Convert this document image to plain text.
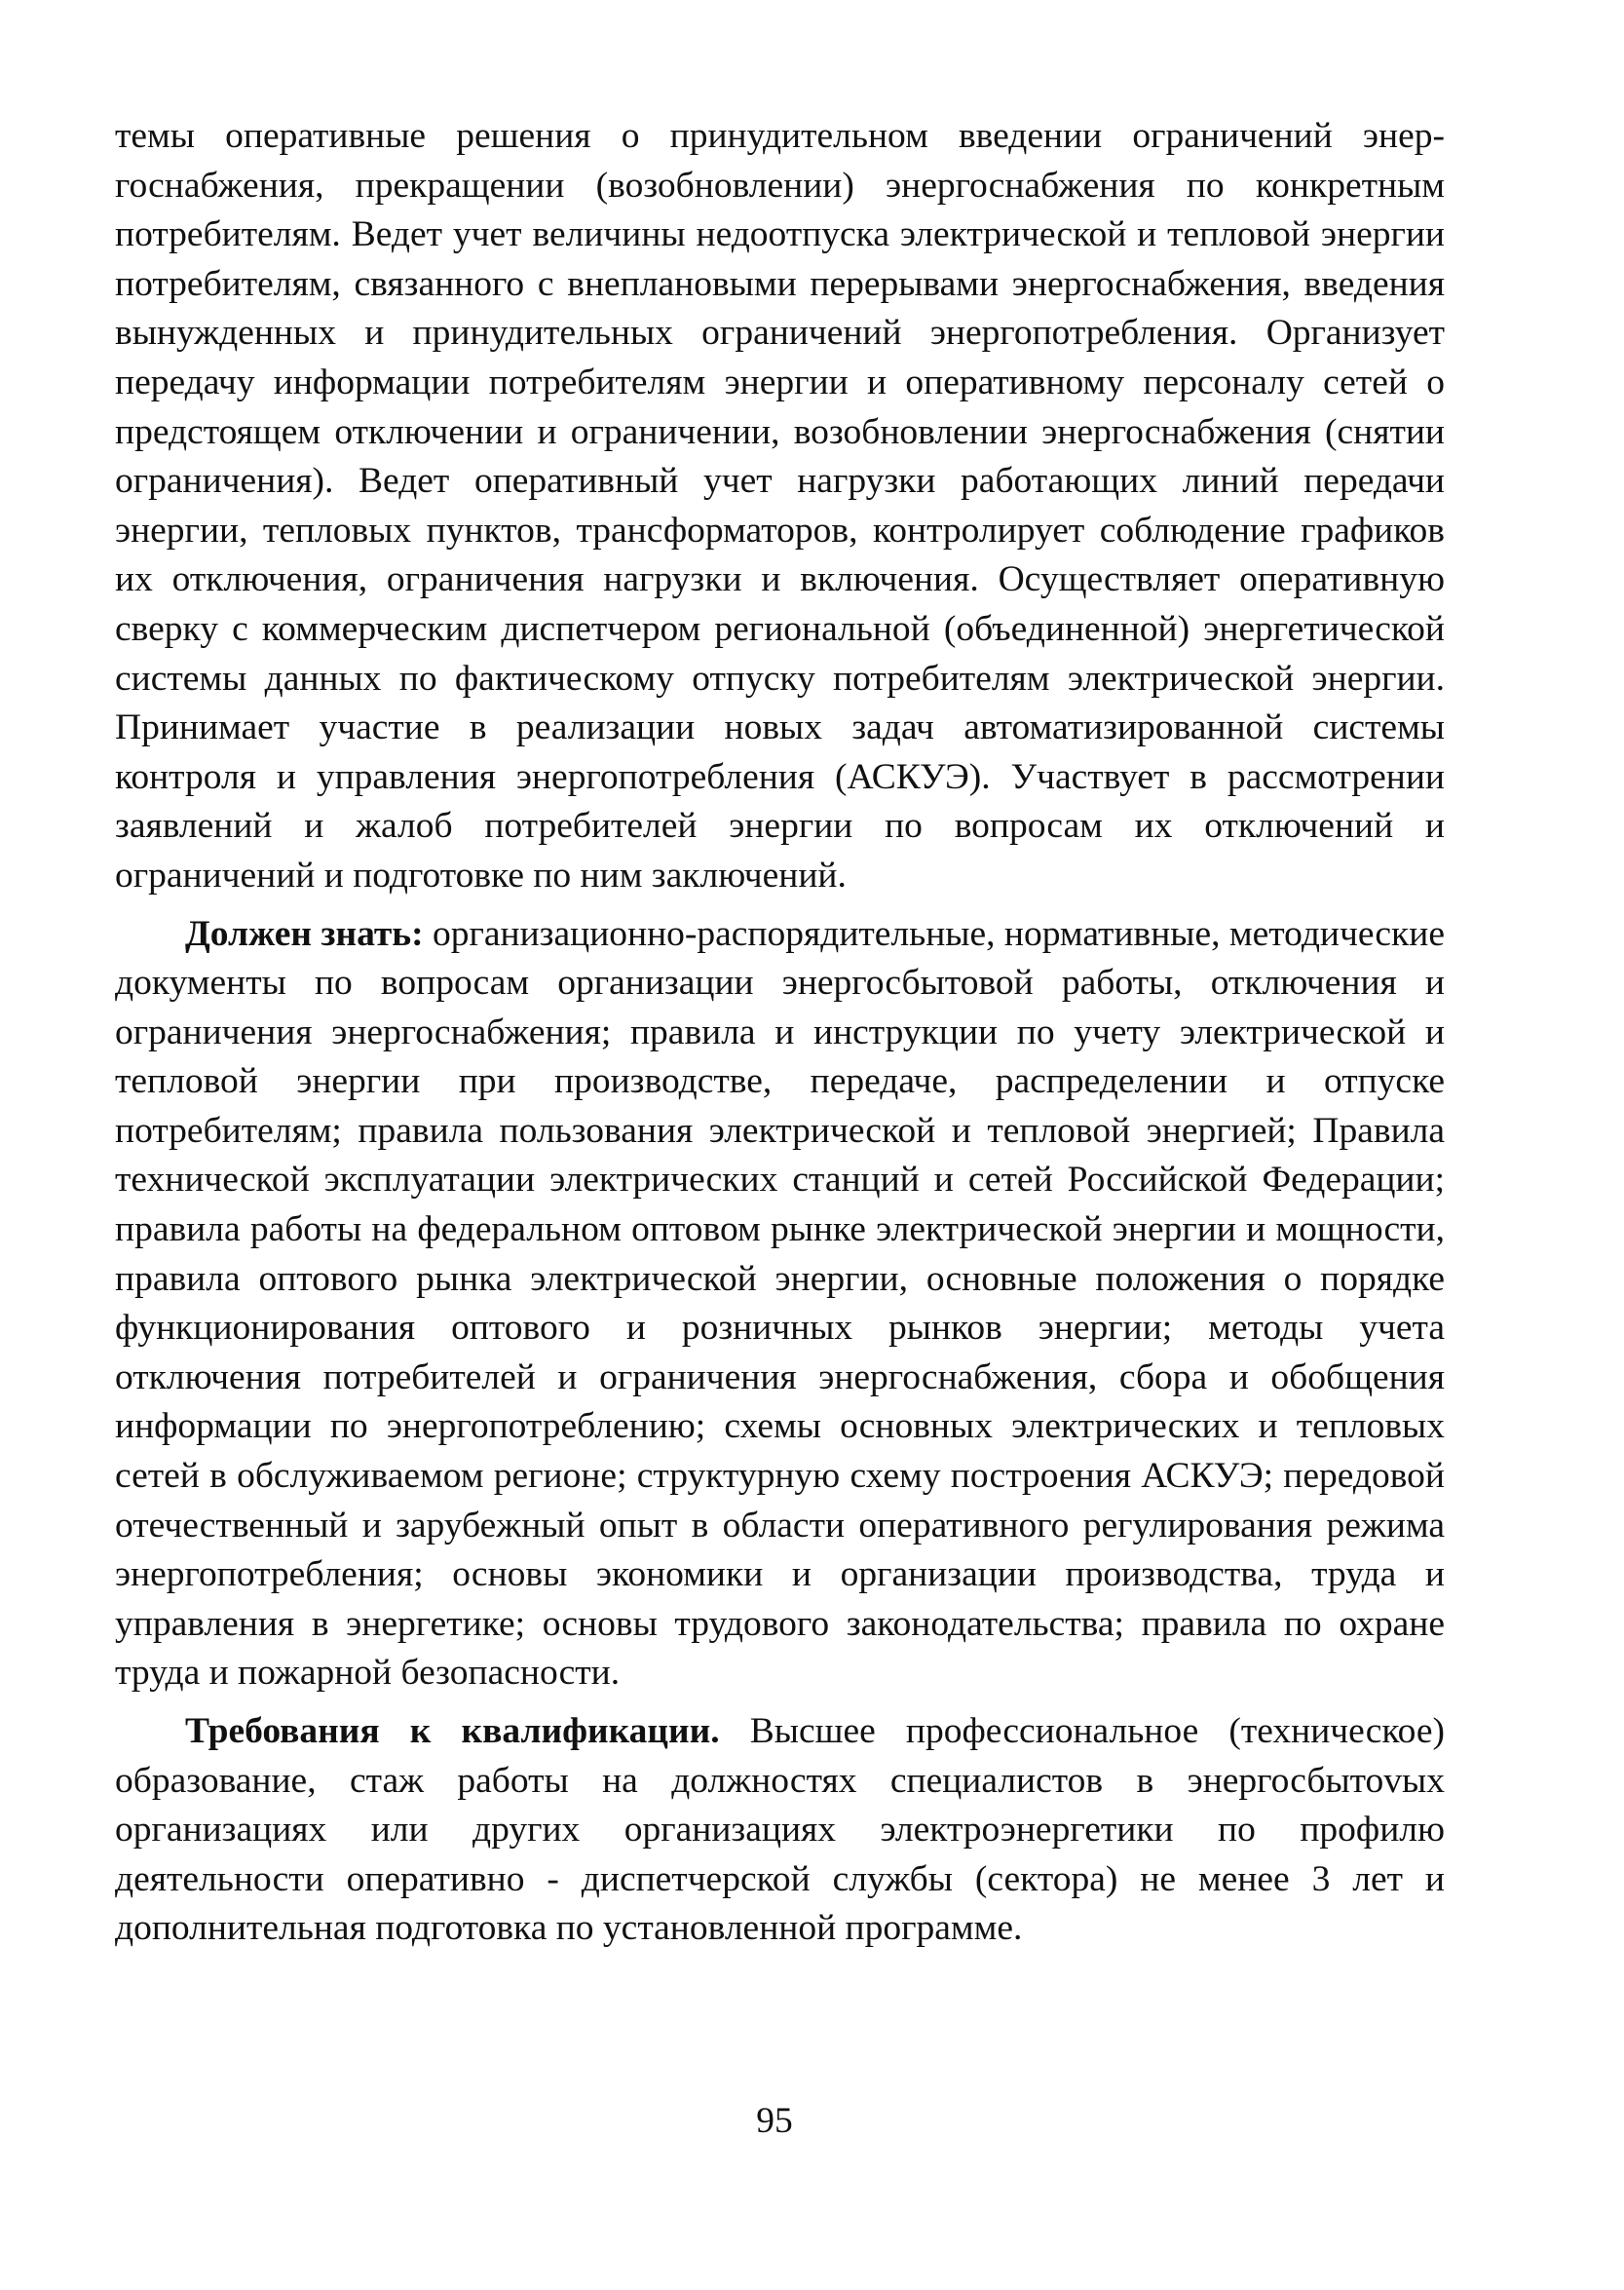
темы оперативные решения о принудительном введении ограничений энергоснабжения, прекращении (возобновлении) энергоснабжения по конкретным потребителям. Ведет учет величины недоотпуска электрической и тепловой энергии потребителям, связанного с внеплановыми перерывами энергоснабжения, введения вынужденных и принудительных ограничений энергопотребления. Организует передачу информации потребителям энергии и оперативному персоналу сетей о предстоящем отключении и ограничении, возобновлении энергоснабжения (снятии ограничения). Ведет оперативный учет нагрузки работающих линий передачи энергии, тепловых пунктов, трансформаторов, контролирует соблюдение графиков их отключения, ограничения нагрузки и включения. Осуществляет оперативную сверку с коммерческим диспетчером региональной (объединенной) энергетической системы данных по фактическому отпуску потребителям электрической энергии. Принимает участие в реализации новых задач автоматизированной системы контроля и управления энергопотребления (АСКУЭ). Участвует в рассмотрении заявлений и жалоб потребителей энергии по вопросам их отключений и ограничений и подготовке по ним заключений.

Должен знать: организационно-распорядительные, нормативные, методические документы по вопросам организации энергосбытовой работы, отключения и ограничения энергоснабжения; правила и инструкции по учету электрической и тепловой энергии при производстве, передаче, распределении и отпуске потребителям; правила пользования электрической и тепловой энергией; Правила технической эксплуатации электрических станций и сетей Российской Федерации; правила работы на федеральном оптовом рынке электрической энергии и мощности, правила оптового рынка электрической энергии, основные положения о порядке функционирования оптового и розничных рынков энергии; методы учета отключения потребителей и ограничения энергоснабжения, сбора и обобщения информации по энергопотреблению; схемы основных электрических и тепловых сетей в обслуживаемом регионе; структурную схему построения АСКУЭ; передовой отечественный и зарубежный опыт в области оперативного регулирования режима энергопотребления; основы экономики и организации производства, труда и управления в энергетике; основы трудового законодательства; правила по охране труда и пожарной безопасности.

Требования к квалификации. Высшее профессиональное (техническое) образование, стаж работы на должностях специалистов в энергосбытоvых организациях или других организациях электроэнергетики по профилю деятельности оперативно - диспетчерской службы (сектора) не менее 3 лет и дополнительная подготовка по установленной программе.

95
